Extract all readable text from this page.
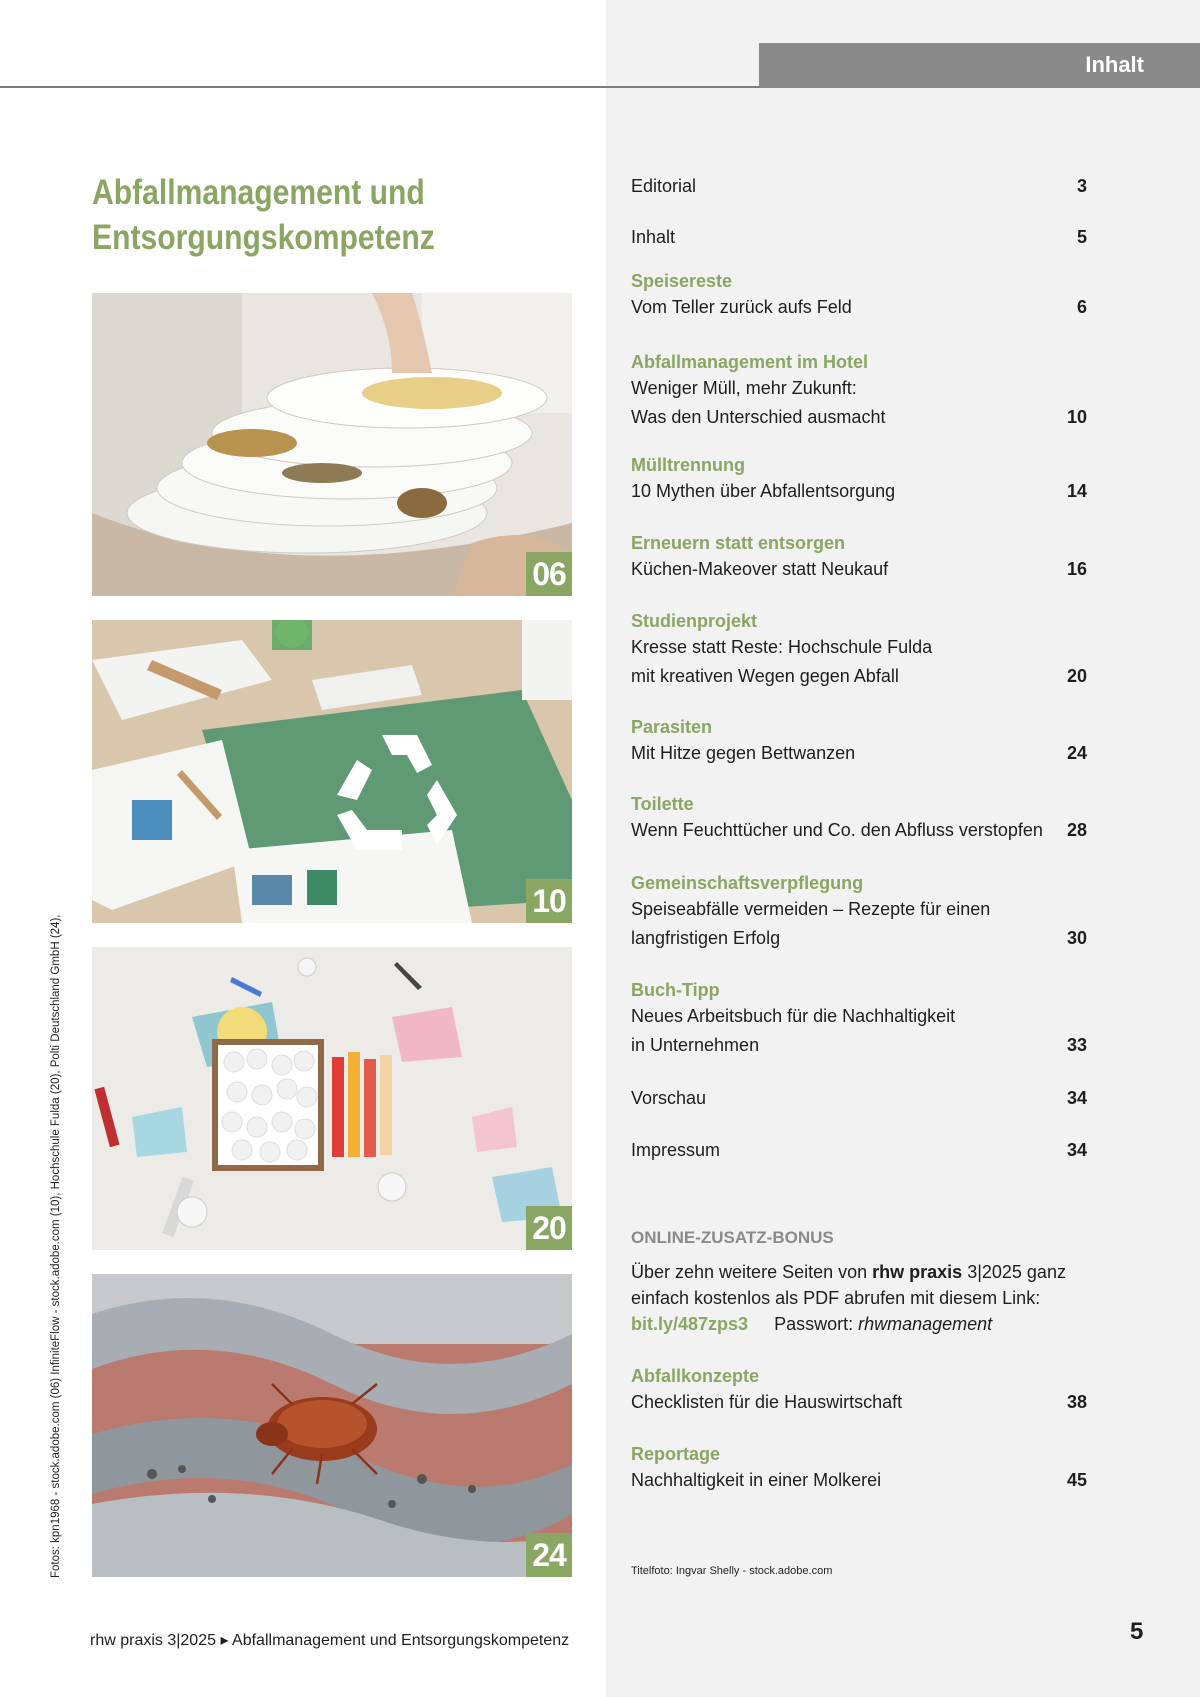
Inhalt
Abfallmanagement und
Entsorgungskompetenz
06
10
20
24
Fotos: kpn1968 - stock.adobe.com (06) InfiniteFlow - stock.adobe.com (10), Hochschule Fulda (20), Polti Deutschland GmbH (24),
Editorial	3
Inhalt	5
Speisereste
Vom Teller zurück aufs Feld	6
Abfallmanagement im Hotel
Weniger Müll, mehr Zukunft:
Was den Unterschied ausmacht	10
Mülltrennung
10 Mythen über Abfallentsorgung	14
Erneuern statt entsorgen
Küchen-Makeover statt Neukauf	16
Studienprojekt
Kresse statt Reste: Hochschule Fulda
mit kreativen Wegen gegen Abfall	20
Parasiten
Mit Hitze gegen Bettwanzen	24
Toilette
Wenn Feuchttücher und Co. den Abfluss verstopfen 28
Gemeinschaftsverpflegung
Speiseabfälle vermeiden – Rezepte für einen
langfristigen Erfolg	30
Buch-Tipp
Neues Arbeitsbuch für die Nachhaltigkeit
in Unternehmen	33
Vorschau	34
Impressum	34
Abfallkonzepte
Checklisten für die Hauswirtschaft	38
Reportage
Nachhaltigkeit in einer Molkerei	45
ONLINE-ZUSATZ-BONUS
Über zehn weitere Seiten von rhw praxis 3|2025 ganz einfach kostenlos als PDF abrufen mit diesem Link:
bit.ly/487zps3 Passwort: rhwmanagement
Titelfoto: Ingvar Shelly - stock.adobe.com
rhw praxis 3|2025 ▸ Abfallmanagement und Entsorgungskompetenz	5
